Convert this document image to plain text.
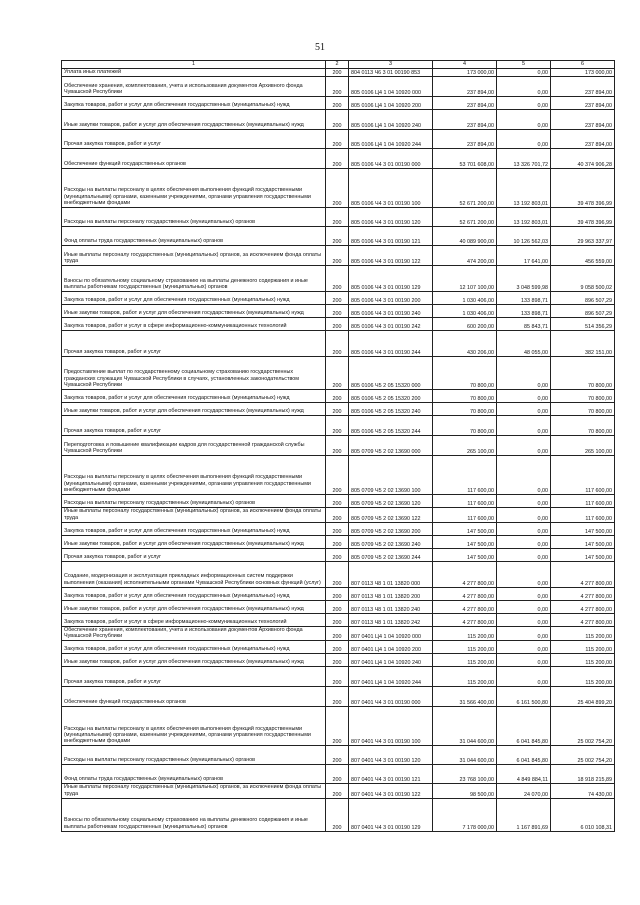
51
1	2	3	4	5	6
Уплата иных платежей	200	804 0113 Ч6 3 01 00190 853	173 000,00	0,00	173 000,00
Обеспечение хранения, комплектования, учета и использования документов Архивного фонда Чувашской Республики	200	805 0106 Ц4 1 04 10920 000	237 894,00	0,00	237 894,00
Закупка товаров, работ и услуг для обеспечения государственных (муниципальных) нужд	200	805 0106 Ц4 1 04 10920 200	237 894,00	0,00	237 894,00
Иные закупки товаров, работ и услуг для обеспечения государственных (муниципальных) нужд	200	805 0106 Ц4 1 04 10920 240	237 894,00	0,00	237 894,00
Прочая закупка товаров, работ и услуг	200	805 0106 Ц4 1 04 10920 244	237 894,00	0,00	237 894,00
Обеспечение функций государственных органов	200	805 0106 Ч4 3 01 00190 000	53 701 608,00	13 326 701,72	40 374 906,28
Расходы на выплаты персоналу в целях обеспечения выполнения функций государственными (муниципальными) органами, казенными учреждениями, органами управления государственными внебюджетными фондами	200	805 0106 Ч4 3 01 00190 100	52 671 200,00	13 192 803,01	39 478 396,99
Расходы на выплаты персоналу государственных (муниципальных) органов	200	805 0106 Ч4 3 01 00190 120	52 671 200,00	13 192 803,01	39 478 396,99
Фонд оплаты труда государственных (муниципальных) органов	200	805 0106 Ч4 3 01 00190 121	40 089 900,00	10 126 562,03	29 963 337,97
Иные выплаты персоналу государственных (муниципальных) органов, за исключением фонда оплаты труда	200	805 0106 Ч4 3 01 00190 122	474 200,00	17 641,00	456 559,00
Взносы по обязательному социальному страхованию на выплаты денежного содержания и иные выплаты работникам государственных (муниципальных) органов	200	805 0106 Ч4 3 01 00190 129	12 107 100,00	3 048 599,98	9 058 500,02
Закупка товаров, работ и услуг для обеспечения государственных (муниципальных) нужд	200	805 0106 Ч4 3 01 00190 200	1 030 406,00	133 898,71	896 507,29
Иные закупки товаров, работ и услуг для обеспечения государственных (муниципальных) нужд	200	805 0106 Ч4 3 01 00190 240	1 030 406,00	133 898,71	896 507,29
Закупка товаров, работ и услуг в сфере информационно-коммуникационных технологий	200	805 0106 Ч4 3 01 00190 242	600 200,00	85 843,71	514 356,29
Прочая закупка товаров, работ и услуг	200	805 0106 Ч4 3 01 00190 244	430 206,00	48 055,00	382 151,00
Предоставление выплат по государственному социальному страхованию государственных гражданских служащих Чувашской Республики в случаях, установленных законодательством Чувашской Республики	200	805 0106 Ч5 2 05 15320 000	70 800,00	0,00	70 800,00
Закупка товаров, работ и услуг для обеспечения государственных (муниципальных) нужд	200	805 0106 Ч5 2 05 15320 200	70 800,00	0,00	70 800,00
Иные закупки товаров, работ и услуг для обеспечения государственных (муниципальных) нужд	200	805 0106 Ч5 2 05 15320 240	70 800,00	0,00	70 800,00
Прочая закупка товаров, работ и услуг	200	805 0106 Ч5 2 05 15320 244	70 800,00	0,00	70 800,00
Переподготовка и повышение квалификации кадров для государственной гражданской службы Чувашской Республики	200	805 0709 Ч5 2 02 13690 000	265 100,00	0,00	265 100,00
Расходы на выплаты персоналу в целях обеспечения выполнения функций государственными (муниципальными) органами, казенными учреждениями, органами управления государственными внебюджетными фондами	200	805 0709 Ч5 2 02 13690 100	117 600,00	0,00	117 600,00
Расходы на выплаты персоналу государственных (муниципальных) органов	200	805 0709 Ч5 2 02 13690 120	117 600,00	0,00	117 600,00
Иные выплаты персоналу государственных (муниципальных) органов, за исключением фонда оплаты труда	200	805 0709 Ч5 2 02 13690 122	117 600,00	0,00	117 600,00
Закупка товаров, работ и услуг для обеспечения государственных (муниципальных) нужд	200	805 0709 Ч5 2 02 13690 200	147 500,00	0,00	147 500,00
Иные закупки товаров, работ и услуг для обеспечения государственных (муниципальных) нужд	200	805 0709 Ч5 2 02 13690 240	147 500,00	0,00	147 500,00
Прочая закупка товаров, работ и услуг	200	805 0709 Ч5 2 02 13690 244	147 500,00	0,00	147 500,00
Создание, модернизация и эксплуатация прикладных информационных систем поддержки выполнения (оказания) исполнительными органами Чувашской Республики основных функций (услуг)	200	807 0113 Ч8 1 01 13820 000	4 277 800,00	0,00	4 277 800,00
Закупка товаров, работ и услуг для обеспечения государственных (муниципальных) нужд	200	807 0113 Ч8 1 01 13820 200	4 277 800,00	0,00	4 277 800,00
Иные закупки товаров, работ и услуг для обеспечения государственных (муниципальных) нужд	200	807 0113 Ч8 1 01 13820 240	4 277 800,00	0,00	4 277 800,00
Закупка товаров, работ и услуг в сфере информационно-коммуникационных технологий	200	807 0113 Ч8 1 01 13820 242	4 277 800,00	0,00	4 277 800,00
Обеспечение хранения, комплектования, учета и использования документов Архивного фонда Чувашской Республики	200	807 0401 Ц4 1 04 10920 000	115 200,00	0,00	115 200,00
Закупка товаров, работ и услуг для обеспечения государственных (муниципальных) нужд	200	807 0401 Ц4 1 04 10920 200	115 200,00	0,00	115 200,00
Иные закупки товаров, работ и услуг для обеспечения государственных (муниципальных) нужд	200	807 0401 Ц4 1 04 10920 240	115 200,00	0,00	115 200,00
Прочая закупка товаров, работ и услуг	200	807 0401 Ц4 1 04 10920 244	115 200,00	0,00	115 200,00
Обеспечение функций государственных органов	200	807 0401 Ч4 3 01 00190 000	31 566 400,00	6 161 500,80	25 404 899,20
Расходы на выплаты персоналу в целях обеспечения выполнения функций государственными (муниципальными) органами, казенными учреждениями, органами управления государственными внебюджетными фондами	200	807 0401 Ч4 3 01 00190 100	31 044 600,00	6 041 845,80	25 002 754,20
Расходы на выплаты персоналу государственных (муниципальных) органов	200	807 0401 Ч4 3 01 00190 120	31 044 600,00	6 041 845,80	25 002 754,20
Фонд оплаты труда государственных (муниципальных) органов	200	807 0401 Ч4 3 01 00190 121	23 768 100,00	4 849 884,11	18 918 215,89
Иные выплаты персоналу государственных (муниципальных) органов, за исключением фонда оплаты труда	200	807 0401 Ч4 3 01 00190 122	98 500,00	24 070,00	74 430,00
Взносы по обязательному социальному страхованию на выплаты денежного содержания и иные выплаты работникам государственных (муниципальных) органов	200	807 0401 Ч4 3 01 00190 129	7 178 000,00	1 167 891,69	6 010 108,31
